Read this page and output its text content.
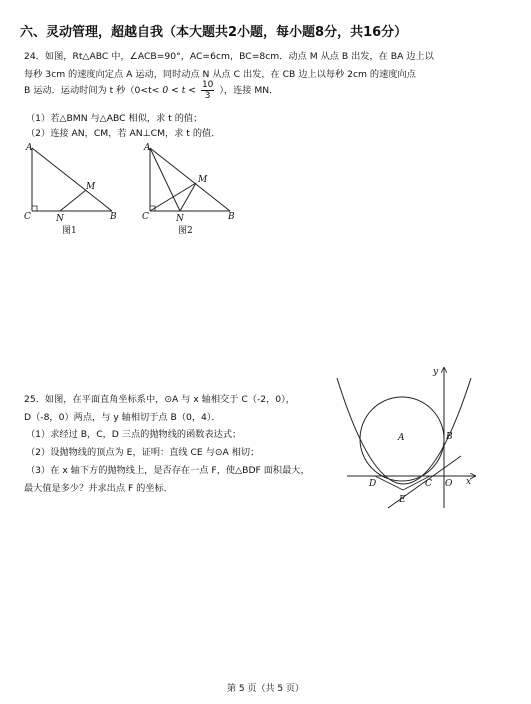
六、灵动管理，超越自我（本大题共2小题，每小题8分，共16分）
24．如图，Rt△ABC 中，∠ACB=90°，AC=6cm，BC=8cm．动点 M 从点 B 出发，在 BA 边上以
每秒 3cm 的速度向定点 A 运动，同时动点 N 从点 C 出发，在 CB 边上以每秒 2cm 的速度向点
B 运动．运动时间为 t 秒（$0<t< 0 < t < \frac{10}{3}$ ），连接 MN．
（1）若△BMN 与△ABC 相似，求 t 的值；
（2）连接 AN，CM，若 AN⊥CM，求 t 的值．
A
C	N	B
M
图1
A
C	N	B
M
图2
25．如图，在平面直角坐标系中，⊙A 与 x 轴相交于 C（-2，0），
D（-8，0）两点，与 y 轴相切于点 B（0，4）．
（1）求经过 B，C，D 三点的抛物线的函数表达式；
（2）设抛物线的顶点为 E，证明：直线 CE 与⊙A 相切；
（3）在 x 轴下方的抛物线上，是否存在一点 F，使△BDF 面积最大，
最大值是多少？并求出点 F 的坐标．
y
x
A	B
D	C O
E
第 5 页（共 5 页）
